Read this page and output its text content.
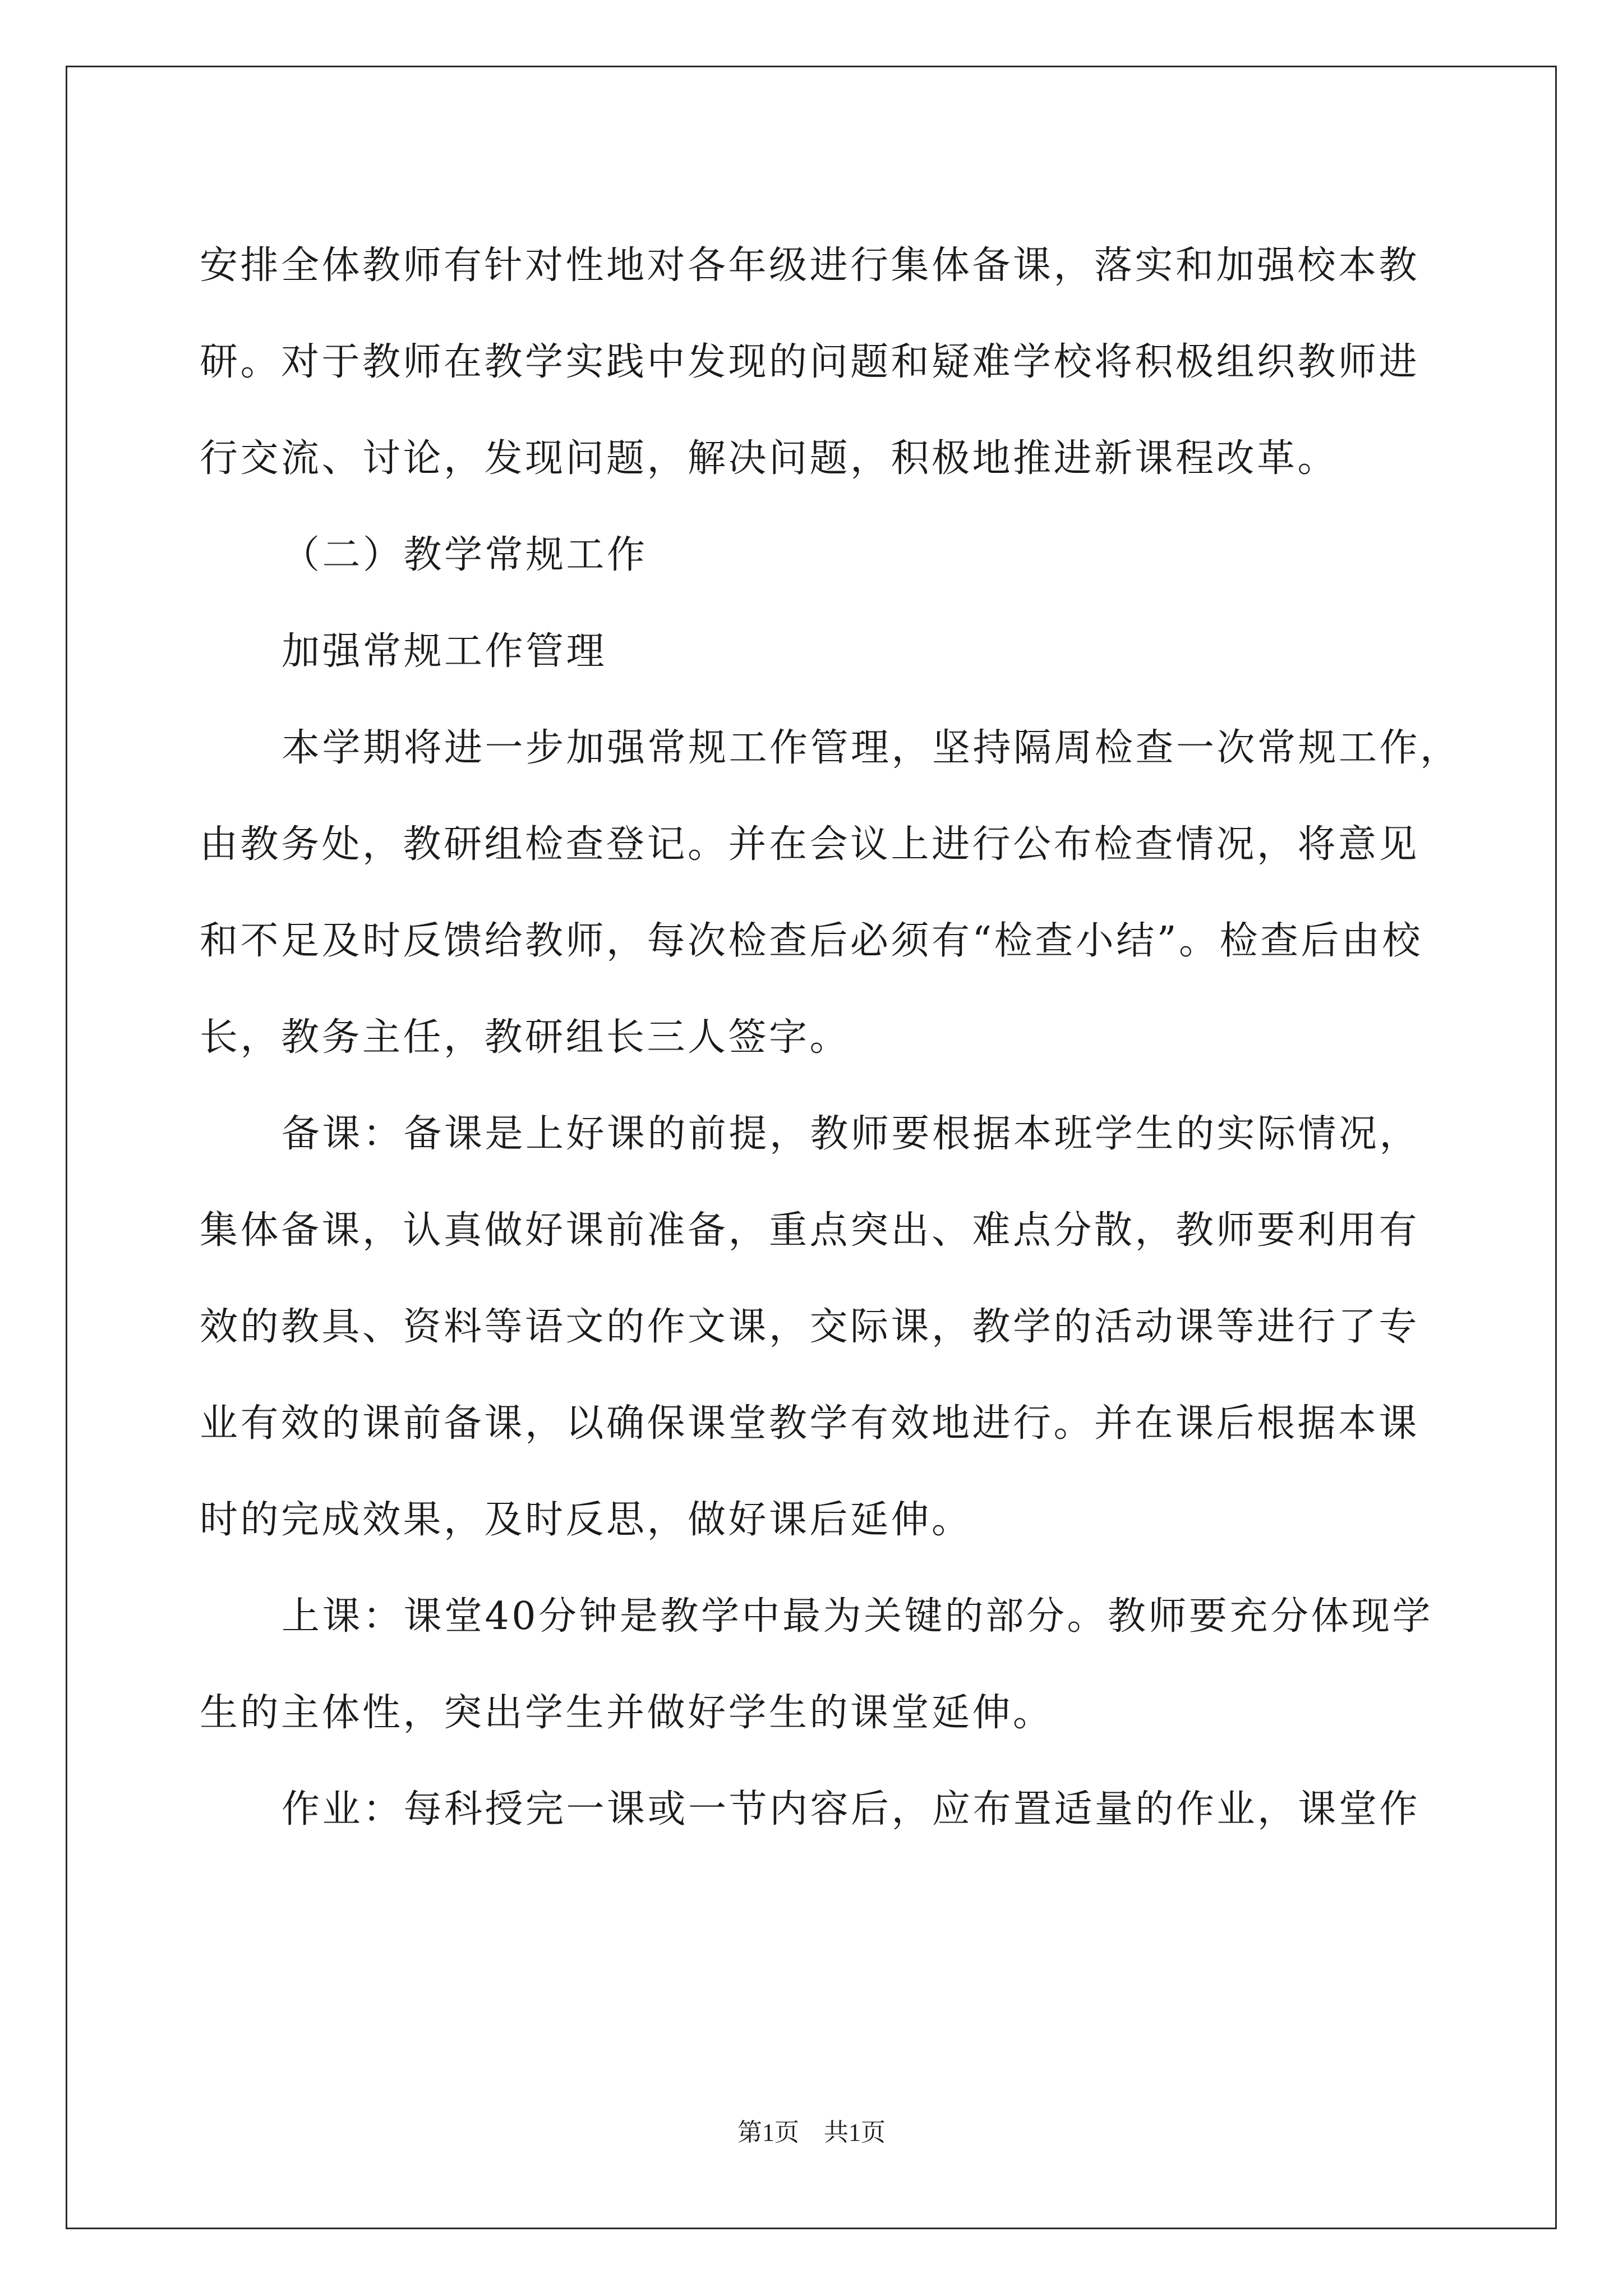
安排全体教师有针对性地对各年级进行集体备课，落实和加强校本教
研。对于教师在教学实践中发现的问题和疑难学校将积极组织教师进
行交流、讨论，发现问题，解决问题，积极地推进新课程改革。
（二）教学常规工作
加强常规工作管理
本学期将进一步加强常规工作管理，坚持隔周检查一次常规工作，
由教务处，教研组检查登记。并在会议上进行公布检查情况，将意见
和不足及时反馈给教师，每次检查后必须有“检查小结”。检查后由校
长，教务主任，教研组长三人签字。
备课：备课是上好课的前提，教师要根据本班学生的实际情况，
集体备课，认真做好课前准备，重点突出、难点分散，教师要利用有
效的教具、资料等语文的作文课，交际课，教学的活动课等进行了专
业有效的课前备课，以确保课堂教学有效地进行。并在课后根据本课
时的完成效果，及时反思，做好课后延伸。
上课：课堂40分钟是教学中最为关键的部分。教师要充分体现学
生的主体性，突出学生并做好学生的课堂延伸。
作业：每科授完一课或一节内容后，应布置适量的作业，课堂作
第1页　共1页
